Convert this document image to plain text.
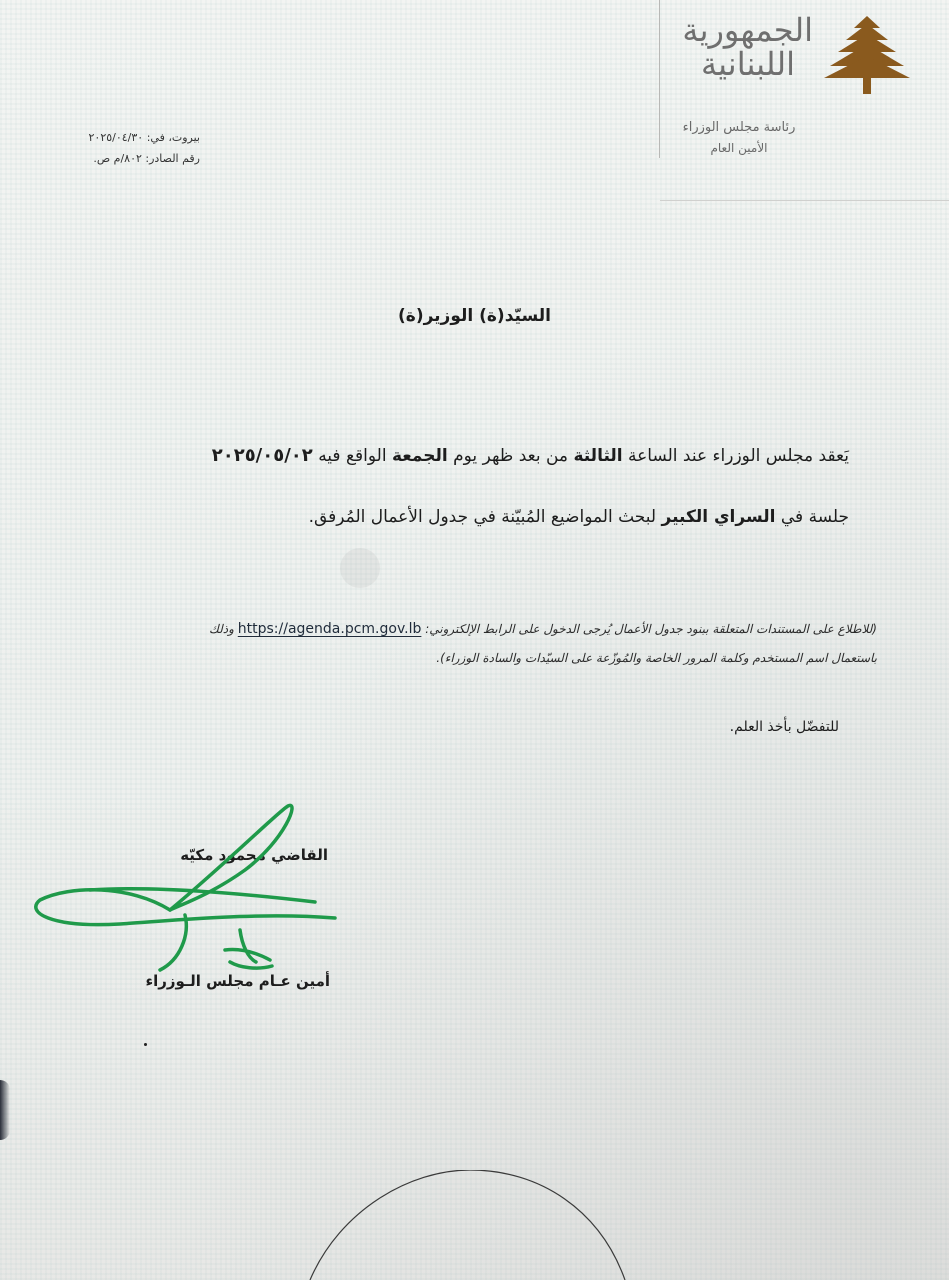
الجمهورية
اللبنانية
رئاسة مجلس الوزراء
الأمين العام
بيروت، في: ٢٠٢٥/٠٤/٣٠
رقم الصادر: ٨٠٢/م ص.
السيّد(ة) الوزير(ة)
يَعقد مجلس الوزراء عند الساعة الثالثة من بعد ظهر يوم الجمعة الواقع فيه ٢٠٢٥/٠٥/٠٢
جلسة في السراي الكبير لبحث المواضيع المُبيّنة في جدول الأعمال المُرفق.
(للاطلاع على المستندات المتعلقة ببنود جدول الأعمال يُرجى الدخول على الرابط الإلكتروني: https://agenda.pcm.gov.lb وذلك
باستعمال اسم المستخدم وكلمة المرور الخاصة والمُوزّعة على السيّدات والسادة الوزراء).
للتفضّل بأخذ العلم.
القاضي محمود مكيّه
أمين عـام مجلس الـوزراء
